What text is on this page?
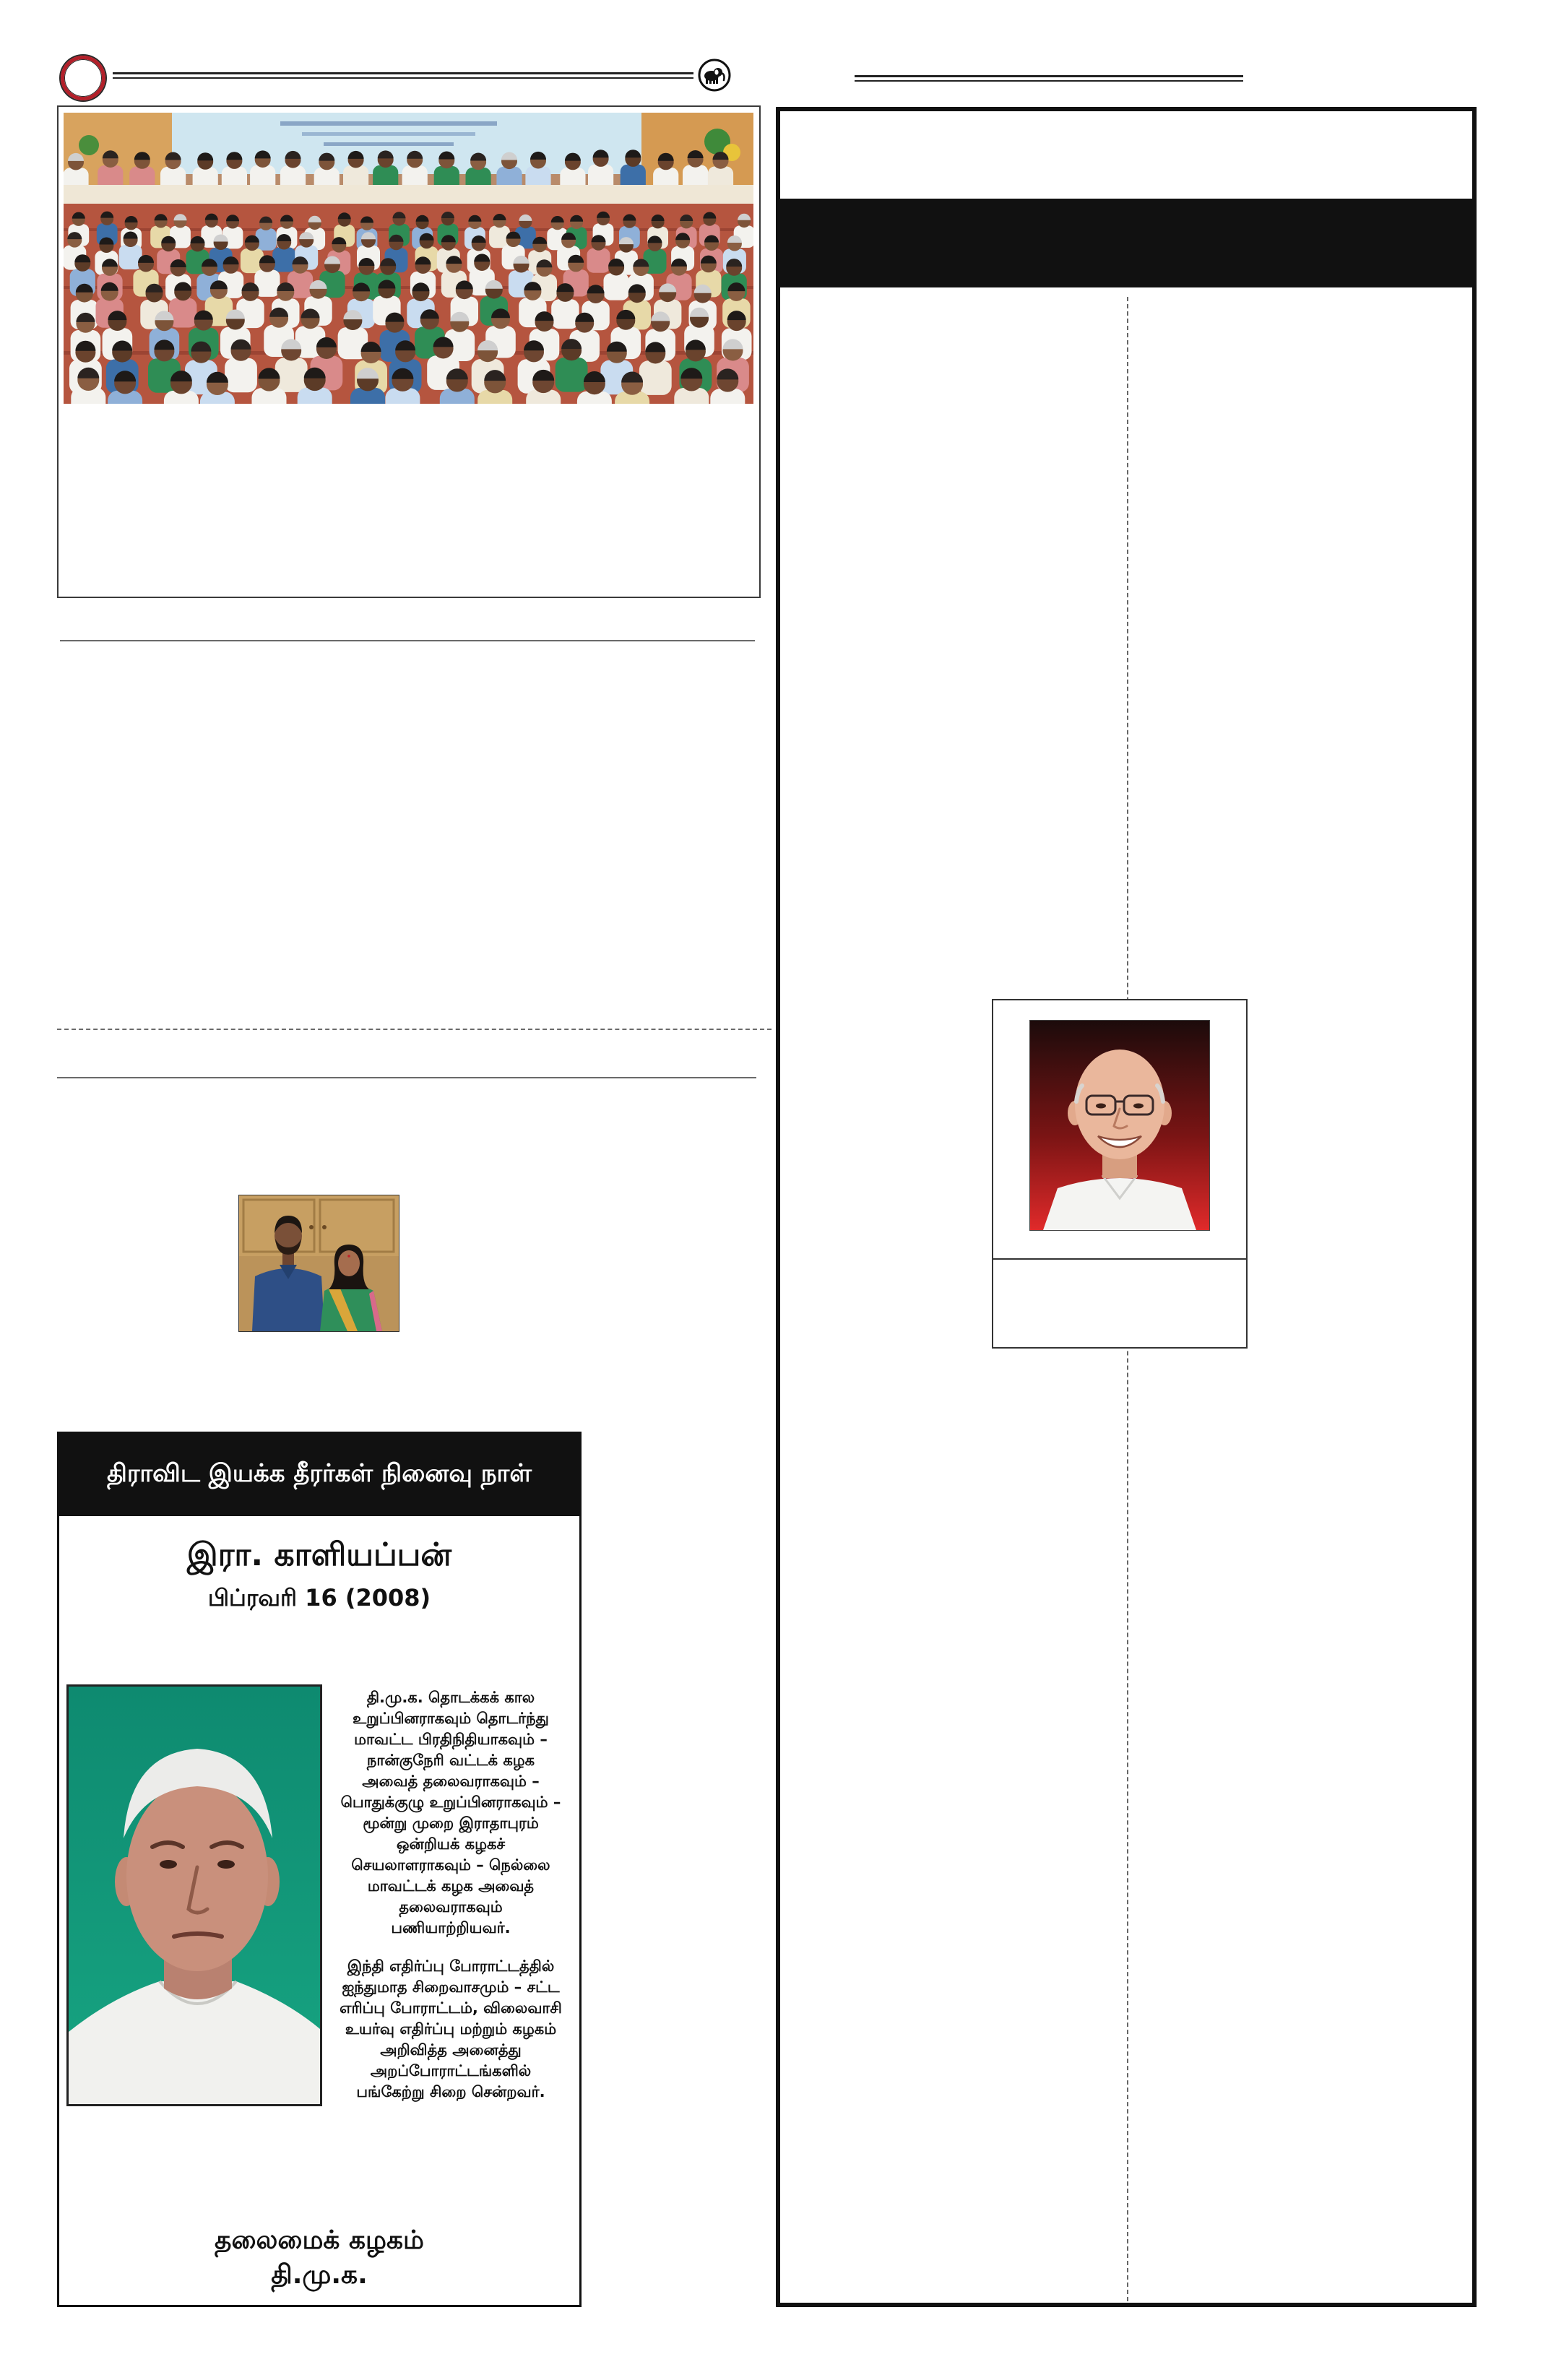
திராவிட இயக்க தீரர்கள் நினைவு நாள்
இரா. காளியப்பன்
பிப்ரவரி 16 (2008)
தி.மு.க. தொடக்கக் கால
உறுப்பினராகவும் தொடர்ந்து
மாவட்ட பிரதிநிதியாகவும் –
நான்குநேரி வட்டக் கழக
அவைத் தலைவராகவும் –
பொதுக்குழு உறுப்பினராகவும் –
மூன்று முறை இராதாபுரம்
ஒன்றியக் கழகச்
செயலாளராகவும் – நெல்லை
மாவட்டக் கழக அவைத்
தலைவராகவும்
பணியாற்றியவர்.
இந்தி எதிர்ப்பு போராட்டத்தில்
ஐந்துமாத சிறைவாசமும் – சட்ட
எரிப்பு போராட்டம், விலைவாசி
உயர்வு எதிர்ப்பு மற்றும் கழகம்
அறிவித்த அனைத்து
அறப்போராட்டங்களில்
பங்கேற்று சிறை சென்றவர்.
தலைமைக் கழகம்
தி.மு.க.
